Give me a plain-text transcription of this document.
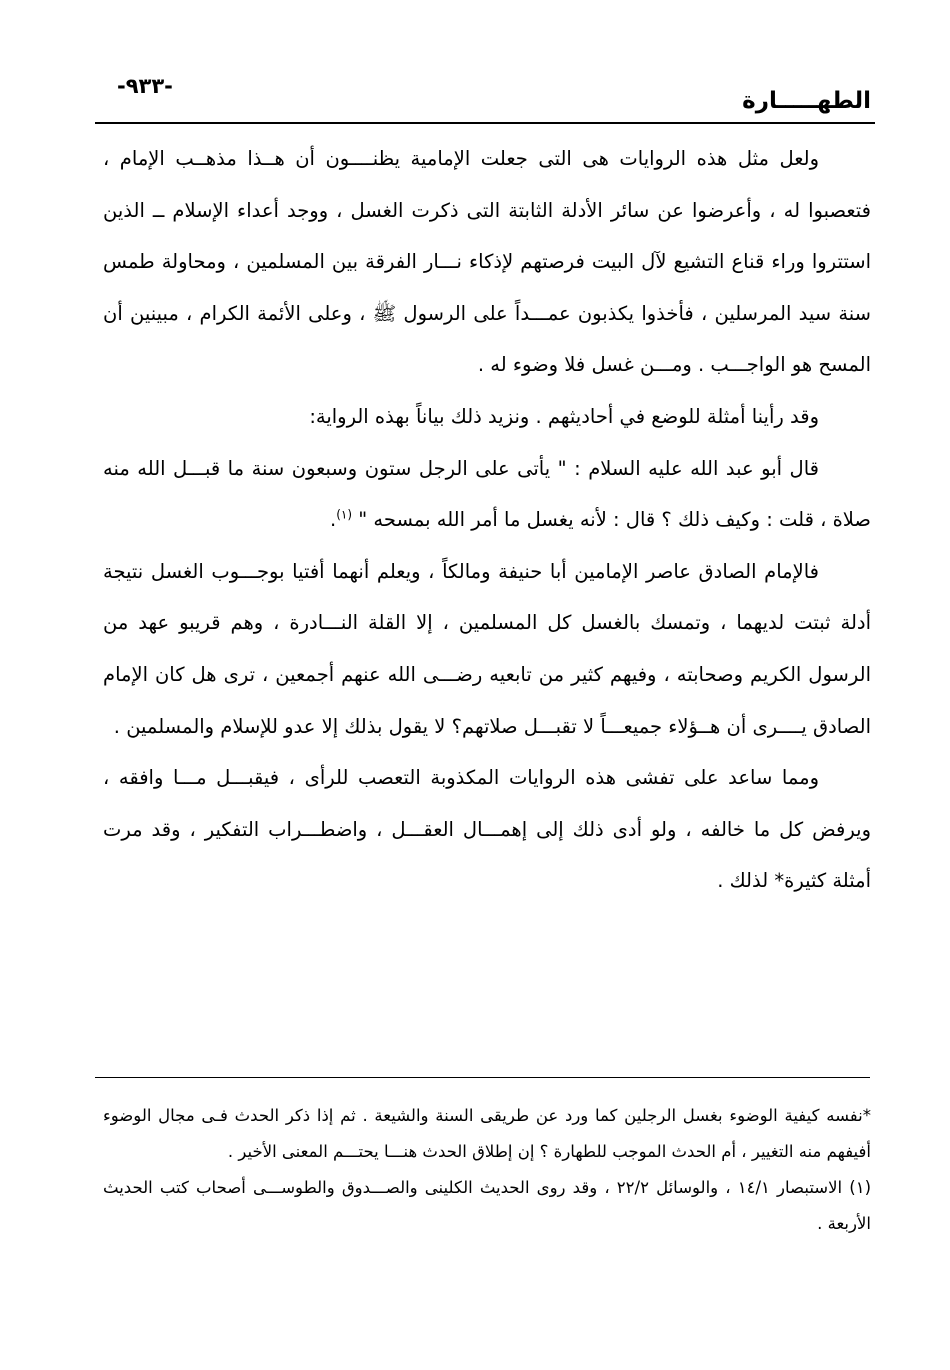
-٩٣٣-
الطهـــــارة

ولعل مثل هذه الروايات هى التى جعلت الإمامية يظنــــون أن هــذا مذهــب الإمام ، فتعصبوا له ، وأعرضوا عن سائر الأدلة الثابتة التى ذكرت الغسل ، ووجد أعداء الإسلام ــ الذين استتروا وراء قناع التشيع لآل البيت فرصتهم لإذكاء نـــار الفرقة بين المسلمين ، ومحاولة طمس سنة سيد المرسلين ، فأخذوا يكذبون عمـــداً على الرسول ﷺ ، وعلى الأئمة الكرام ، مبينين أن المسح هو الواجـــب . ومـــن غسل فلا وضوء له .

وقد رأينا أمثلة للوضع في أحاديثهم . ونزيد ذلك بياناً بهذه الرواية:

قال أبو عبد الله عليه السلام : " يأتى على الرجل ستون وسبعون سنة ما قبـــل الله منه صلاة ، قلت : وكيف ذلك ؟ قال : لأنه يغسل ما أمر الله بمسحه " $^{(١)}$.

فالإمام الصادق عاصر الإمامين أبا حنيفة ومالكاً ، ويعلم أنهما أفتيا بوجـــوب الغسل نتيجة أدلة ثبتت لديهما ، وتمسك بالغسل كل المسلمين ، إلا القلة النـــادرة ، وهم قريبو عهد من الرسول الكريم وصحابته ، وفيهم كثير من تابعيه رضـــى الله عنهم أجمعين ، ترى هل كان الإمام الصادق يــــرى أن هــؤلاء جميعـــاً لا تقبـــل صلاتهم؟ لا يقول بذلك إلا عدو للإسلام والمسلمين .

ومما ساعد على تفشى هذه الروايات المكذوبة التعصب للرأى ، فيقبـــل مـــا وافقه ، ويرفض كل ما خالفه ، ولو أدى ذلك إلى إهمـــال العقـــل ، واضطـــراب التفكير ، وقد مرت أمثلة كثيرة* لذلك .

*نفسه كيفية الوضوء بغسل الرجلين كما ورد عن طريقى السنة والشيعة . ثم إذا ذكر الحدث فـى مجال الوضوء أفيفهم منه التغيير ، أم الحدث الموجب للطهارة ؟ إن إطلاق الحدث هنـــا يحتـــم المعنى الأخير .

(١) الاستبصار ١٤/١ ، والوسائل ٢٢/٢ ، وقد روى الحديث الكلينى والصـــدوق والطوســـى أصحاب كتب الحديث الأربعة .
